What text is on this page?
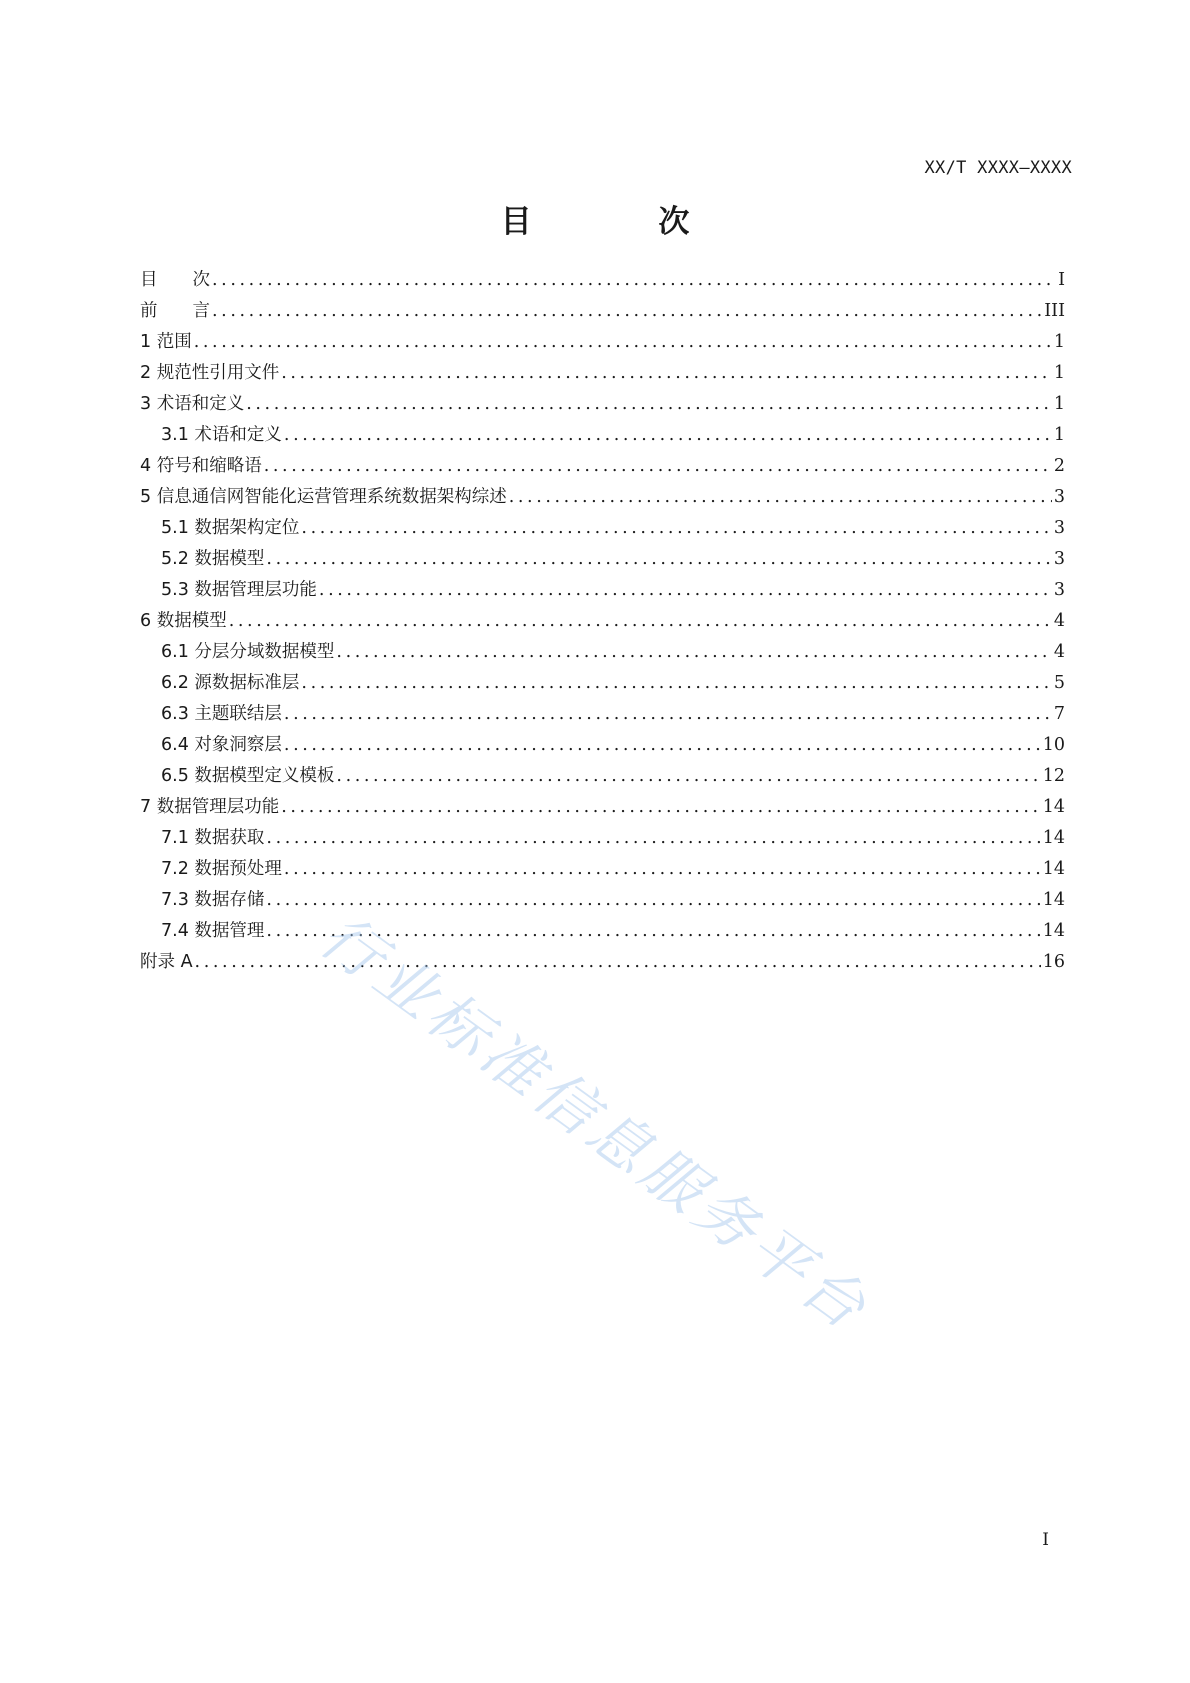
XX/T XXXX—XXXX
目 次
目　　次 .....	I
前　　言 .....	III
1 范围 .....	1
2 规范性引用文件 .....	1
3 术语和定义 .....	1
3.1 术语和定义 .....	1
4 符号和缩略语 .....	2
5 信息通信网智能化运营管理系统数据架构综述 .....	3
5.1 数据架构定位 .....	3
5.2 数据模型 .....	3
5.3 数据管理层功能 .....	3
6 数据模型 .....	4
6.1 分层分域数据模型 .....	4
6.2 源数据标准层 .....	5
6.3 主题联结层 .....	7
6.4 对象洞察层 .....	10
6.5 数据模型定义模板 .....	12
7 数据管理层功能 .....	14
7.1 数据获取 .....	14
7.2 数据预处理 .....	14
7.3 数据存储 .....	14
7.4 数据管理 .....	14
附录 A .....	16
行业标准信息服务平台
I
